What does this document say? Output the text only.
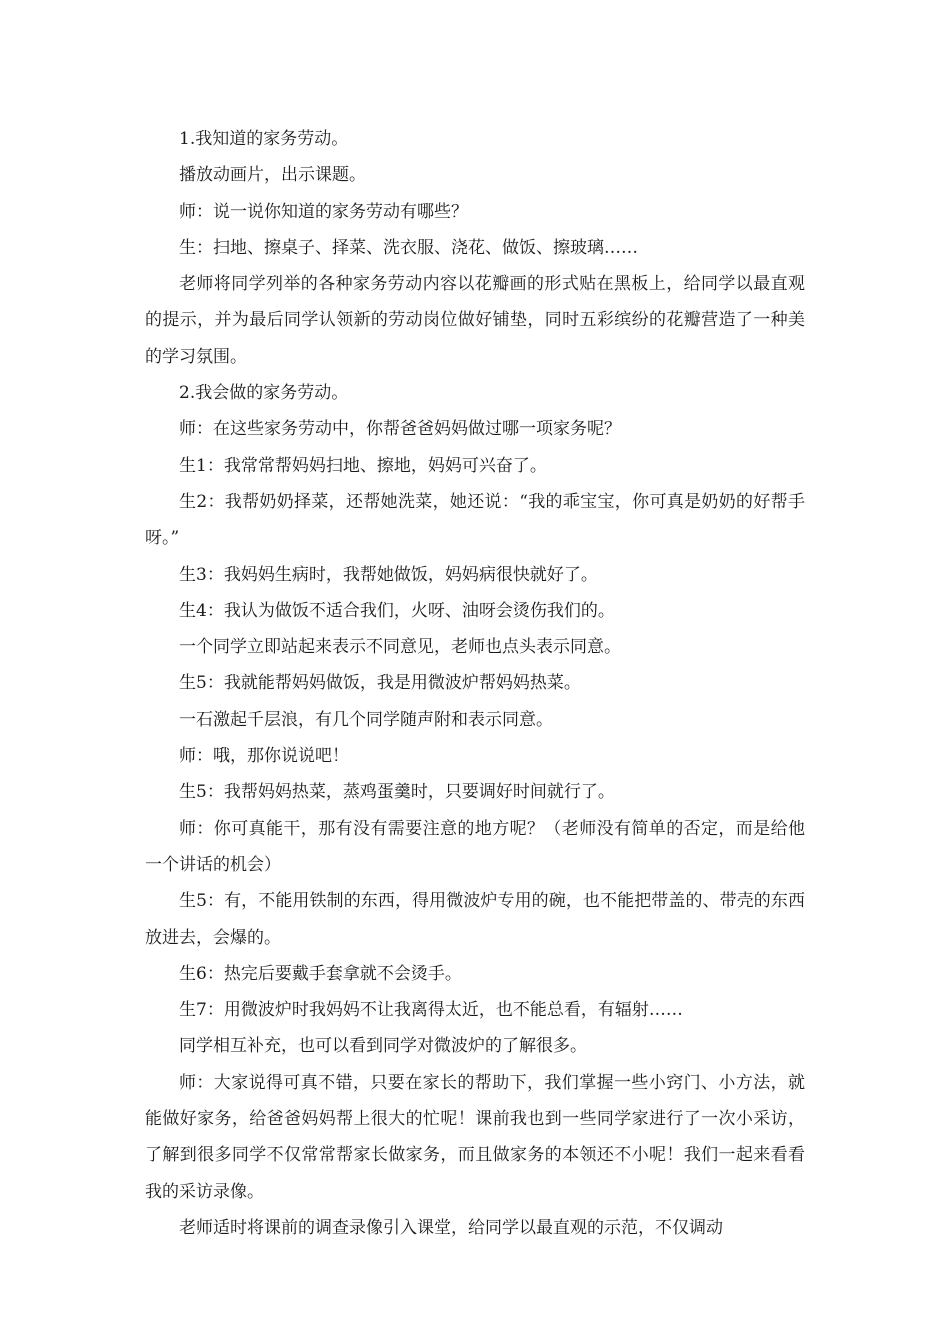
1.我知道的家务劳动。

播放动画片，出示课题。

师：说一说你知道的家务劳动有哪些？

生：扫地、擦桌子、择菜、洗衣服、浇花、做饭、擦玻璃……

老师将同学列举的各种家务劳动内容以花瓣画的形式贴在黑板上，给同学以最直观的提示，并为最后同学认领新的劳动岗位做好铺垫，同时五彩缤纷的花瓣营造了一种美的学习氛围。

2.我会做的家务劳动。

师：在这些家务劳动中，你帮爸爸妈妈做过哪一项家务呢？

生1：我常常帮妈妈扫地、擦地，妈妈可兴奋了。

生2：我帮奶奶择菜，还帮她洗菜，她还说：“我的乖宝宝，你可真是奶奶的好帮手呀。”

生3：我妈妈生病时，我帮她做饭，妈妈病很快就好了。

生4：我认为做饭不适合我们，火呀、油呀会烫伤我们的。

一个同学立即站起来表示不同意见，老师也点头表示同意。

生5：我就能帮妈妈做饭，我是用微波炉帮妈妈热菜。

一石激起千层浪，有几个同学随声附和表示同意。

师：哦，那你说说吧！

生5：我帮妈妈热菜，蒸鸡蛋羹时，只要调好时间就行了。

师：你可真能干，那有没有需要注意的地方呢？（老师没有简单的否定，而是给他一个讲话的机会）

生5：有，不能用铁制的东西，得用微波炉专用的碗，也不能把带盖的、带壳的东西放进去，会爆的。

生6：热完后要戴手套拿就不会烫手。

生7：用微波炉时我妈妈不让我离得太近，也不能总看，有辐射……

同学相互补充，也可以看到同学对微波炉的了解很多。

师：大家说得可真不错，只要在家长的帮助下，我们掌握一些小窍门、小方法，就能做好家务，给爸爸妈妈帮上很大的忙呢！课前我也到一些同学家进行了一次小采访，了解到很多同学不仅常常帮家长做家务，而且做家务的本领还不小呢！我们一起来看看我的采访录像。

老师适时将课前的调查录像引入课堂，给同学以最直观的示范，不仅调动
